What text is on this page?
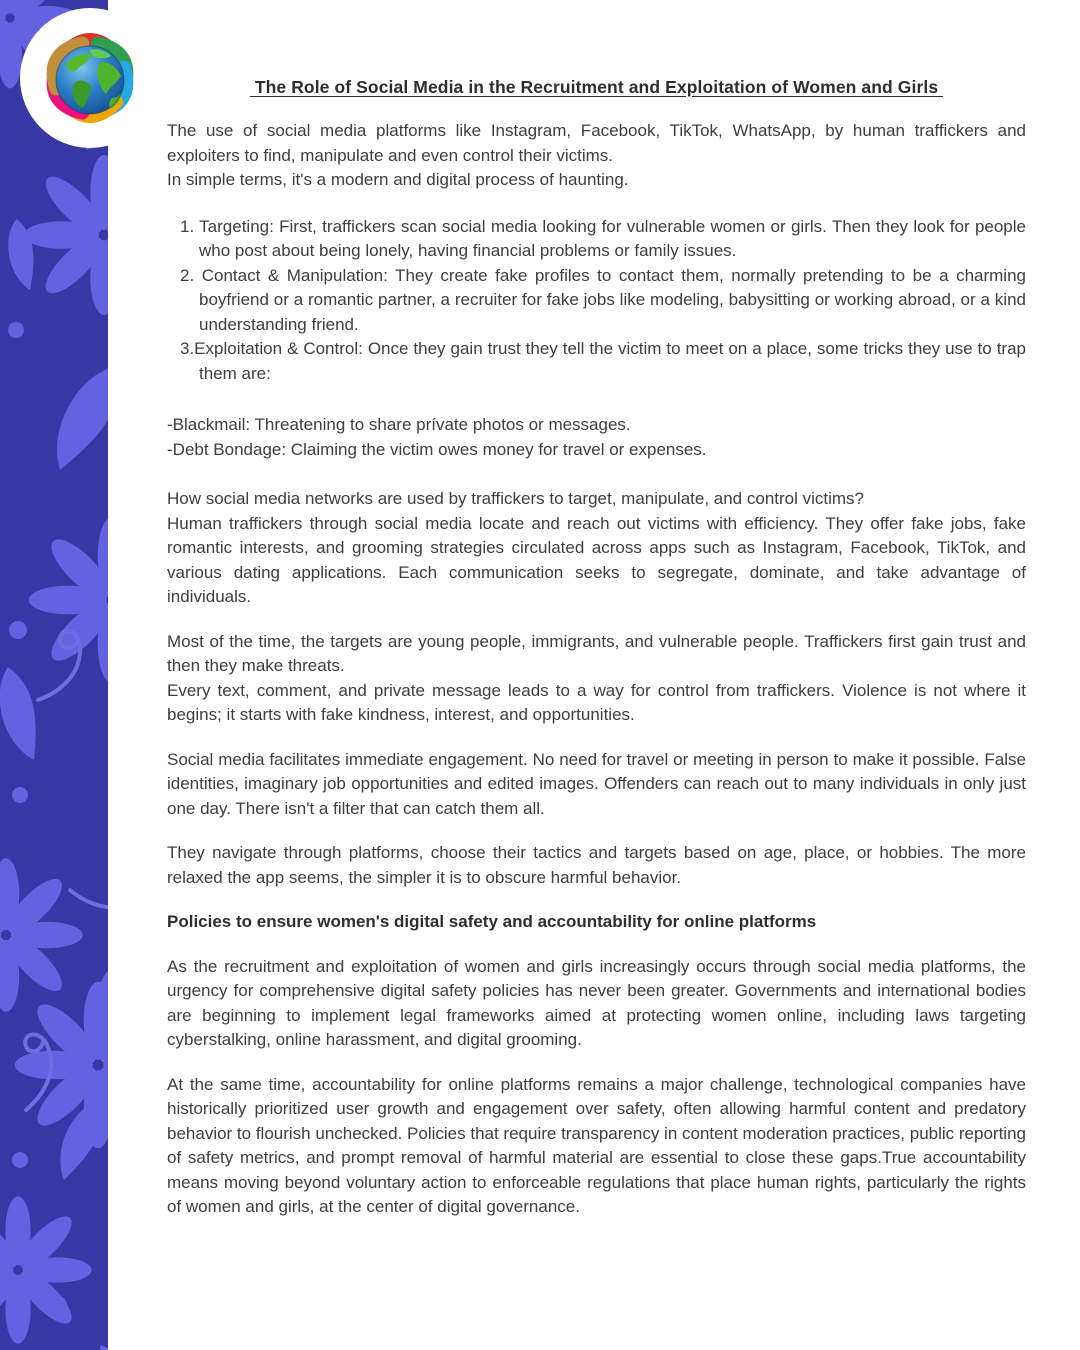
The Role of Social Media in the Recruitment and Exploitation of Women and Girls

The use of social media platforms like Instagram, Facebook, TikTok, WhatsApp, by human traffickers and exploiters to find, manipulate and even control their victims.

In simple terms, it's a modern and digital process of haunting.

1. Targeting: First, traffickers scan social media looking for vulnerable women or girls. Then they look for people who post about being lonely, having financial problems or family issues.

2. Contact & Manipulation: They create fake profiles to contact them, normally pretending to be a charming boyfriend or a romantic partner, a recruiter for fake jobs like modeling, babysitting or working abroad, or a kind understanding friend.

3.Exploitation & Control: Once they gain trust they tell the victim to meet on a place, some tricks they use to trap them are:

-Blackmail: Threatening to share prívate photos or messages.

-Debt Bondage: Claiming the victim owes money for travel or expenses.

How social media networks are used by traffickers to target, manipulate, and control victims?

Human traffickers through social media locate and reach out victims with efficiency. They offer fake jobs, fake romantic interests, and grooming strategies circulated across apps such as Instagram, Facebook, TikTok, and various dating applications. Each communication seeks to segregate, dominate, and take advantage of individuals.

Most of the time, the targets are young people, immigrants, and vulnerable people. Traffickers first gain trust and then they make threats.

Every text, comment, and private message leads to a way for control from traffickers. Violence is not where it begins; it starts with fake kindness, interest, and opportunities.

Social media facilitates immediate engagement. No need for travel or meeting in person to make it possible. False identities, imaginary job opportunities and edited images. Offenders can reach out to many individuals in only just one day. There isn't a filter that can catch them all.

They navigate through platforms, choose their tactics and targets based on age, place, or hobbies. The more relaxed the app seems, the simpler it is to obscure harmful behavior.

Policies to ensure women's digital safety and accountability for online platforms

As the recruitment and exploitation of women and girls increasingly occurs through social media platforms, the urgency for comprehensive digital safety policies has never been greater. Governments and international bodies are beginning to implement legal frameworks aimed at protecting women online, including laws targeting cyberstalking, online harassment, and digital grooming.

At the same time, accountability for online platforms remains a major challenge, technological companies have historically prioritized user growth and engagement over safety, often allowing harmful content and predatory behavior to flourish unchecked. Policies that require transparency in content moderation practices, public reporting of safety metrics, and prompt removal of harmful material are essential to close these gaps.True accountability means moving beyond voluntary action to enforceable regulations that place human rights, particularly the rights of women and girls, at the center of digital governance.
